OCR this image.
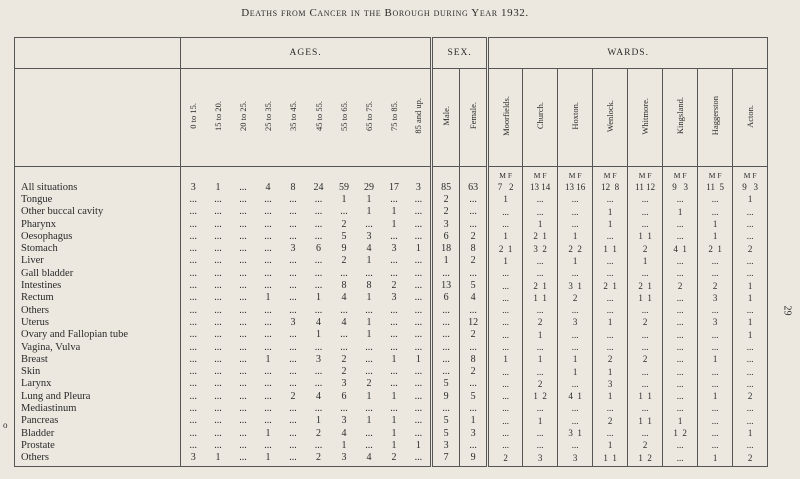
Deaths from Cancer in the Borough during Year 1932.
29
o
	AGES.										SEX.		WARDS.							
	0 to 15.	15 to 20.	20 to 25.	25 to 35.	35 to 45.	45 to 55.	55 to 65.	65 to 75.	75 to 85.	85 and up.	Male.	Female.	Moorfields.	Church.	Hoxton.	Wenlock.	Whitmore.	Kingsland.	Haggerston	Acton.
													M F	M F	M F	M F	M F	M F	M F	M F
All situations	3	1	...	4	8	24	59	29	17	3	85	63	7   2	13 14	13 16	12  8	11 12	9   3	11  5	9   3
Tongue	...	...	...	...	...	...	1	1	...	...	2	...	1	...	...	...	...	...	...	1
Other buccal cavity	...	...	...	...	...	...	...	1	1	...	2	...	...	...	...	1	...	1	...	...
Pharynx	...	...	...	...	...	...	2	...	1	...	3	...	...	1	...	1	...	...	1	...
Oesophagus	...	...	...	...	...	...	5	3	...	...	6	2	1	2  1	1	...	1  1	...	1	...
Stomach	...	...	...	...	3	6	9	4	3	1	18	8	2  1	3  2	2  2	1  1	2	4  1	2  1	2
Liver	...	...	...	...	...	...	2	1	...	...	1	2	1	...	1	...	1	...	...	...
Gall bladder	...	...	...	...	...	...	...	...	...	...	...	...	...	...	...	...	...	...	...	...
Intestines	...	...	...	...	...	...	8	8	2	...	13	5	...	2  1	3  1	2  1	2  1	2	2	1
Rectum	...	...	...	1	...	1	4	1	3	...	6	4	...	1  1	2	...	1  1	...	3	1
Others	...	...	...	...	...	...	...	...	...	...	...	...	...	...	...	...	...	...	...	...
Uterus	...	...	...	...	3	4	4	1	...	...	...	12	...	2	3	1	2	...	3	1
Ovary and Fallopian tube	...	...	...	...	...	1	...	1	...	...	...	2	...	1	...	...	...	...	...	1
Vagina, Vulva	...	...	...	...	...	...	...	...	...	...	...	...	...	...	...	...	...	...	...	...
Breast	...	...	...	1	...	3	2	...	1	1	...	8	1	1	1	2	2	...	1	...
Skin	...	...	...	...	...	...	2	...	...	...	...	2	...	...	1	1	...	...	...	...
Larynx	...	...	...	...	...	...	3	2	...	...	5	...	...	2	...	3	...	...	...	...
Lung and Pleura	...	...	...	...	2	4	6	1	1	...	9	5	...	1  2	4  1	1	1  1	...	1	2
Mediastinum	...	...	...	...	...	...	...	...	...	...	...	...	...	...	...	...	...	...	...	...
Pancreas	...	...	...	...	...	1	3	1	1	...	5	1	...	1	...	2	1  1	1	...	...
Bladder	...	...	...	1	...	2	4	...	1	...	5	3	...	...	3  1	...	...	1  2	...	1
Prostate	...	...	...	...	...	...	1	...	1	1	3	...	...	...	...	1	2	...	...	...
Others	3	1	...	1	...	2	3	4	2	...	7	9	2	3	3	1  1	1  2	...	1	2
